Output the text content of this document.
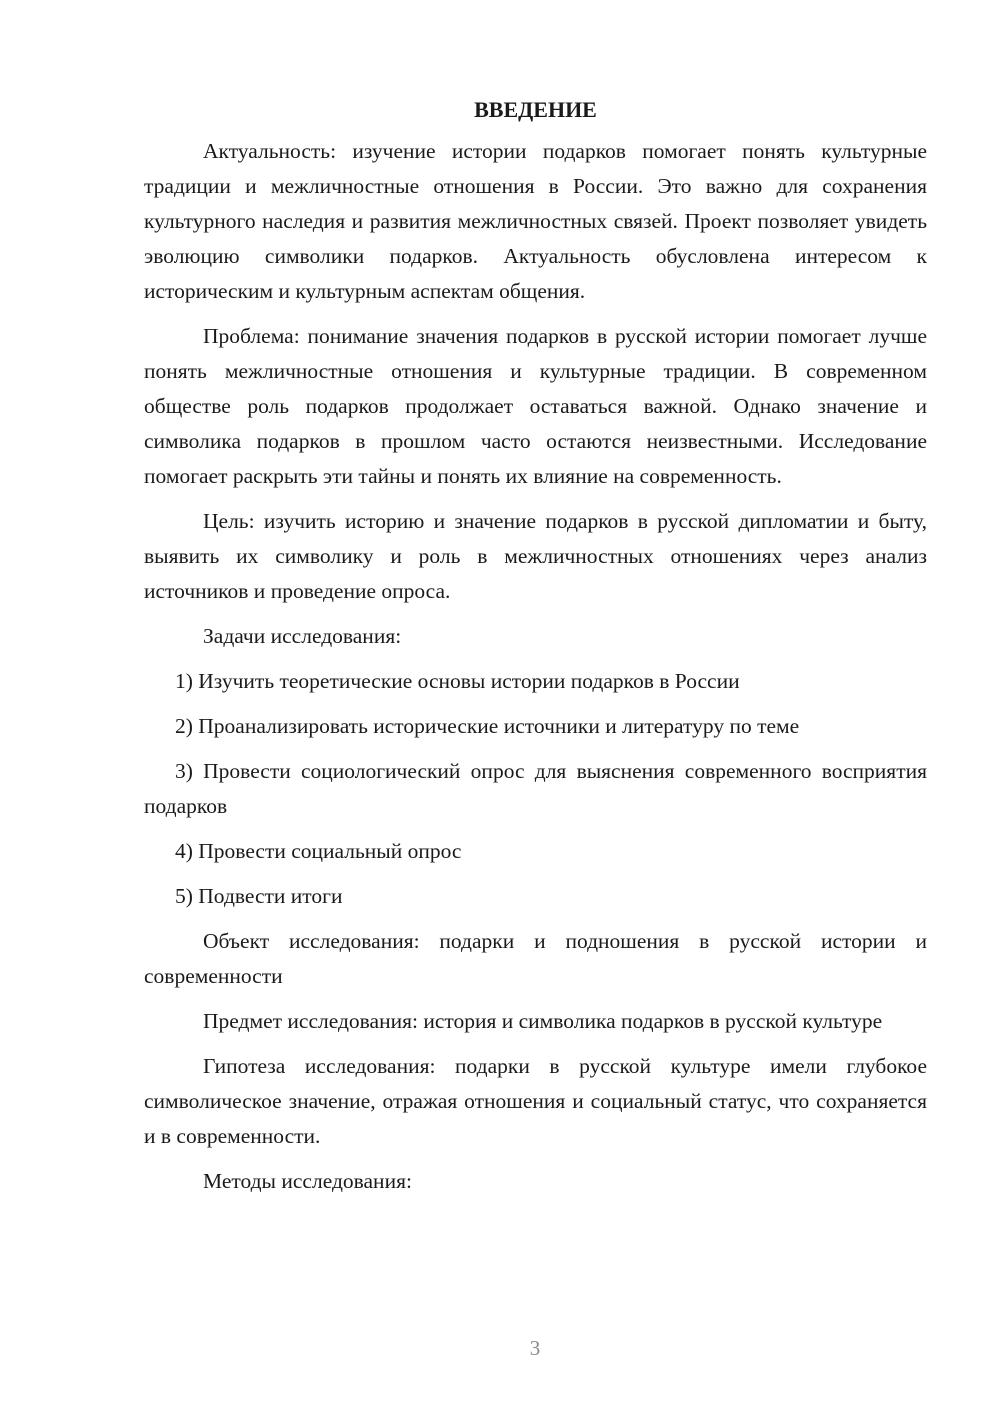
ВВЕДЕНИЕ

Актуальность: изучение истории подарков помогает понять культурные традиции и межличностные отношения в России. Это важно для сохранения культурного наследия и развития межличностных связей. Проект позволяет увидеть эволюцию символики подарков. Актуальность обусловлена интересом к историческим и культурным аспектам общения.

Проблема: понимание значения подарков в русской истории помогает лучше понять межличностные отношения и культурные традиции. В современном обществе роль подарков продолжает оставаться важной. Однако значение и символика подарков в прошлом часто остаются неизвестными. Исследование помогает раскрыть эти тайны и понять их влияние на современность.

Цель: изучить историю и значение подарков в русской дипломатии и быту, выявить их символику и роль в межличностных отношениях через анализ источников и проведение опроса.

Задачи исследования:

1) Изучить теоретические основы истории подарков в России

2) Проанализировать исторические источники и литературу по теме

3) Провести социологический опрос для выяснения современного восприятия подарков

4) Провести социальный опрос

5) Подвести итоги

Объект исследования: подарки и подношения в русской истории и современности

Предмет исследования: история и символика подарков в русской культуре

Гипотеза исследования: подарки в русской культуре имели глубокое символическое значение, отражая отношения и социальный статус, что сохраняется и в современности.

Методы исследования:

3
